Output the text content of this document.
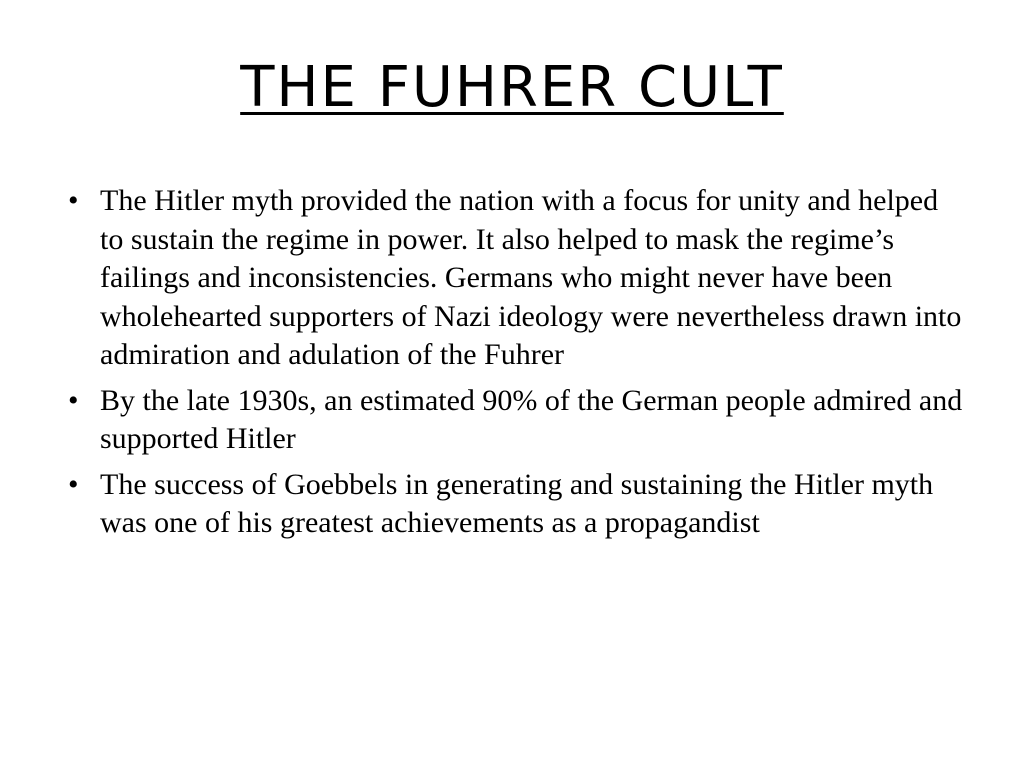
THE FUHRER CULT
• The Hitler myth provided the nation with a focus for unity and helped to sustain the regime in power. It also helped to mask the regime’s failings and inconsistencies. Germans who might never have been wholehearted supporters of Nazi ideology were nevertheless drawn into admiration and adulation of the Fuhrer
• By the late 1930s, an estimated 90% of the German people admired and supported Hitler
• The success of Goebbels in generating and sustaining the Hitler myth was one of his greatest achievements as a propagandist
